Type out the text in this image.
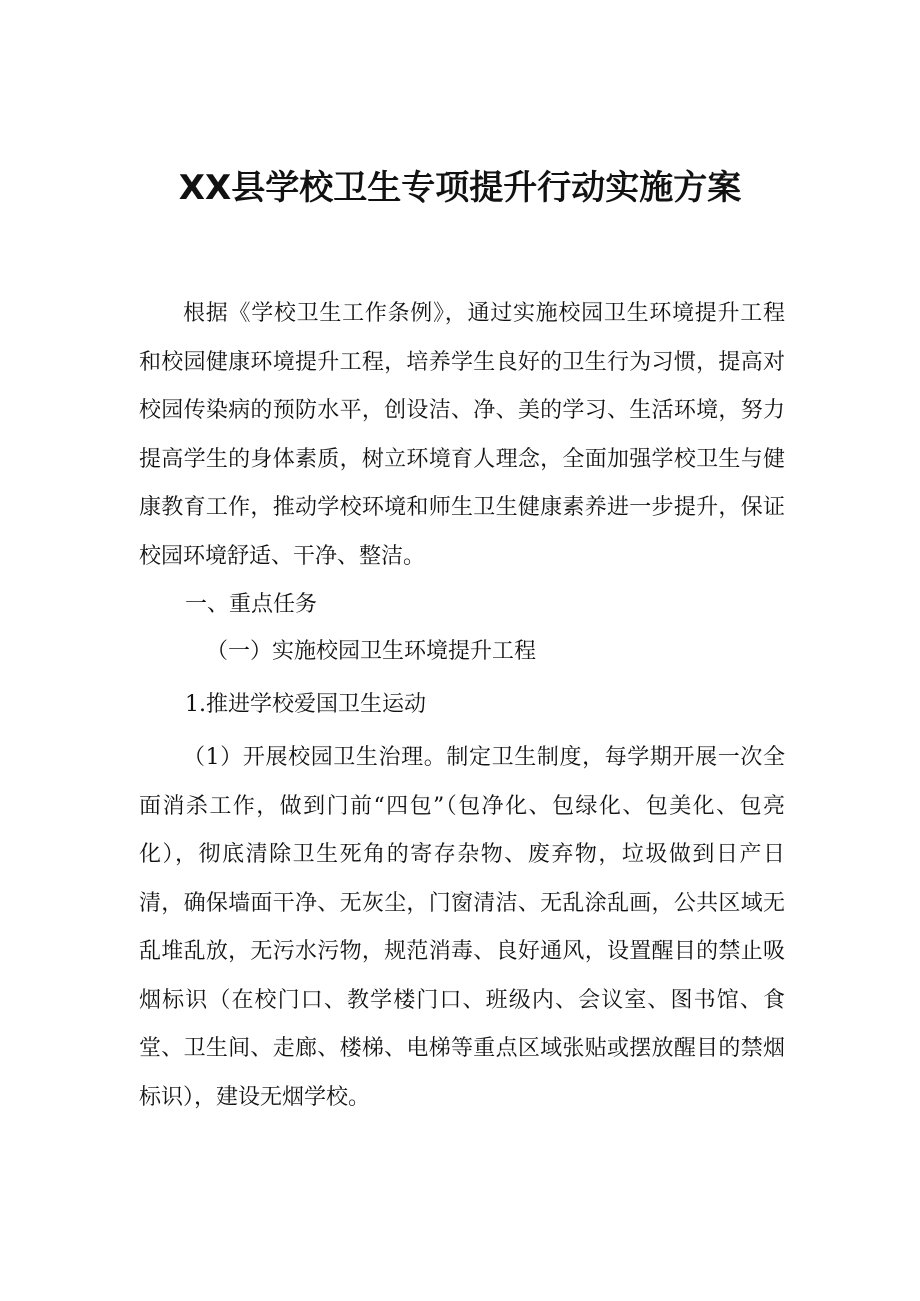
XX县学校卫生专项提升行动实施方案
根据《学校卫生工作条例》，通过实施校园卫生环境提升工程和校园健康环境提升工程，培养学生良好的卫生行为习惯，提高对校园传染病的预防水平，创设洁、净、美的学习、生活环境，努力提高学生的身体素质，树立环境育人理念，全面加强学校卫生与健康教育工作，推动学校环境和师生卫生健康素养进一步提升，保证校园环境舒适、干净、整洁。
一、重点任务
（一）实施校园卫生环境提升工程
1.推进学校爱国卫生运动
（1）开展校园卫生治理。制定卫生制度，每学期开展一次全面消杀工作，做到门前“四包”（包净化、包绿化、包美化、包亮化），彻底清除卫生死角的寄存杂物、废弃物，垃圾做到日产日清，确保墙面干净、无灰尘，门窗清洁、无乱涂乱画，公共区域无乱堆乱放，无污水污物，规范消毒、良好通风，设置醒目的禁止吸烟标识（在校门口、教学楼门口、班级内、会议室、图书馆、食堂、卫生间、走廊、楼梯、电梯等重点区域张贴或摆放醒目的禁烟标识），建设无烟学校。
